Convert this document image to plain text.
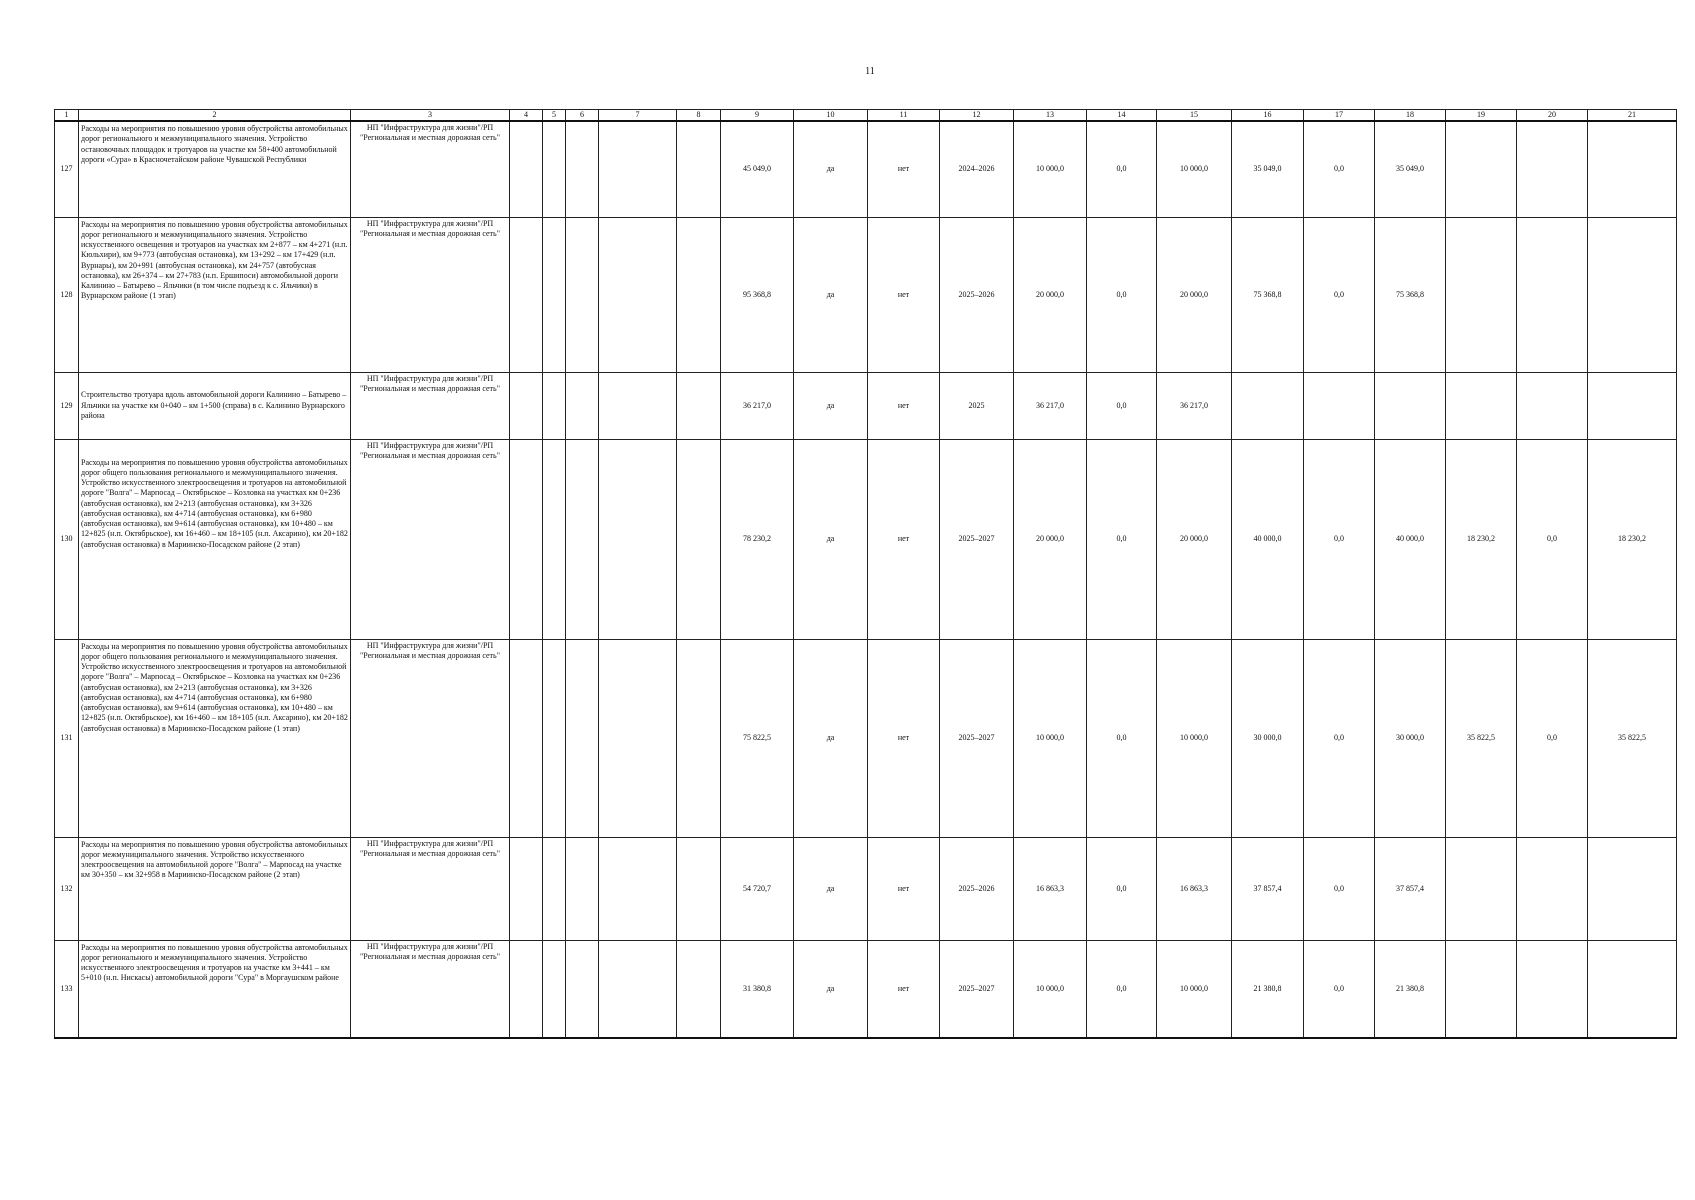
11
1	2	3	4	5	6	7	8	9	10	11	12	13	14	15	16	17	18	19	20	21
127	Расходы на мероприятия по повышению уровня обустройства автомобильных дорог регионального и межмуниципального значения. Устройство остановочных площадок и тротуаров на участке км 58+400 автомобильной дороги «Сура» в Красночетайском районе Чувашской Республики	НП "Инфраструктура для жизни"/РП "Региональная и местная дорожная сеть"						45 049,0	да	нет	2024–2026	10 000,0	0,0	10 000,0	35 049,0	0,0	35 049,0			
128	Расходы на мероприятия по повышению уровня обустройства автомобильных дорог регионального и межмуниципального значения. Устройство искусственного освещения и тротуаров на участках км 2+877 – км 4+271 (н.п. Кюльхири), км 9+773 (автобусная остановка), км 13+292 – км 17+429 (н.п. Вурнары), км 20+991 (автобусная остановка), км 24+757 (автобусная остановка), км 26+374 – км 27+783 (н.п. Ершипоси) автомобильной дороги Калинино – Батырево – Яльчики (в том числе подъезд к с. Яльчики) в Вурнарском районе (1 этап)	НП "Инфраструктура для жизни"/РП "Региональная и местная дорожная сеть"						95 368,8	да	нет	2025–2026	20 000,0	0,0	20 000,0	75 368,8	0,0	75 368,8			
129	Строительство тротуара вдоль автомобильной дороги Калинино – Батырево – Яльчики на участке км 0+040 – км 1+500 (справа) в с. Калинино Вурнарского района	НП "Инфраструктура для жизни"/РП "Региональная и местная дорожная сеть"						36 217,0	да	нет	2025	36 217,0	0,0	36 217,0						
130	Расходы на мероприятия по повышению уровня обустройства автомобильных дорог общего пользования регионального и межмуниципального значения. Устройство искусственного электроосвещения и тротуаров на автомобильной дороге "Волга" – Марпосад – Октябрьское – Козловка на участках км 0+236 (автобусная остановка), км 2+213 (автобусная остановка), км 3+326 (автобусная остановка), км 4+714 (автобусная остановка), км 6+980 (автобусная остановка), км 9+614 (автобусная остановка), км 10+480 – км 12+825 (н.п. Октябрьское), км 16+460 – км 18+105 (н.п. Аксарино), км 20+182 (автобусная остановка) в Мариинско-Посадском районе (2 этап)	НП "Инфраструктура для жизни"/РП "Региональная и местная дорожная сеть"						78 230,2	да	нет	2025–2027	20 000,0	0,0	20 000,0	40 000,0	0,0	40 000,0	18 230,2	0,0	18 230,2
131	Расходы на мероприятия по повышению уровня обустройства автомобильных дорог общего пользования регионального и межмуниципального значения. Устройство искусственного электроосвещения и тротуаров на автомобильной дороге "Волга" – Марпосад – Октябрьское – Козловка на участках км 0+236 (автобусная остановка), км 2+213 (автобусная остановка), км 3+326 (автобусная остановка), км 4+714 (автобусная остановка), км 6+980 (автобусная остановка), км 9+614 (автобусная остановка), км 10+480 – км 12+825 (н.п. Октябрьское), км 16+460 – км 18+105 (н.п. Аксарино), км 20+182 (автобусная остановка) в Мариинско-Посадском районе (1 этап)	НП "Инфраструктура для жизни"/РП "Региональная и местная дорожная сеть"						75 822,5	да	нет	2025–2027	10 000,0	0,0	10 000,0	30 000,0	0,0	30 000,0	35 822,5	0,0	35 822,5
132	Расходы на мероприятия по повышению уровня обустройства автомобильных дорог межмуниципального значения. Устройство искусственного электроосвещения на автомобильной дороге "Волга" – Марпосад на участке км 30+350 – км 32+958 в Мариинско-Посадском районе (2 этап)	НП "Инфраструктура для жизни"/РП "Региональная и местная дорожная сеть"						54 720,7	да	нет	2025–2026	16 863,3	0,0	16 863,3	37 857,4	0,0	37 857,4			
133	Расходы на мероприятия по повышению уровня обустройства автомобильных дорог регионального и межмуниципального значения. Устройство искусственного электроосвещения и тротуаров на участке км 3+441 – км 5+010 (н.п. Нискасы) автомобильной дороги "Сура" в Моргаушском районе	НП "Инфраструктура для жизни"/РП "Региональная и местная дорожная сеть"						31 380,8	да	нет	2025–2027	10 000,0	0,0	10 000,0	21 380,8	0,0	21 380,8			
